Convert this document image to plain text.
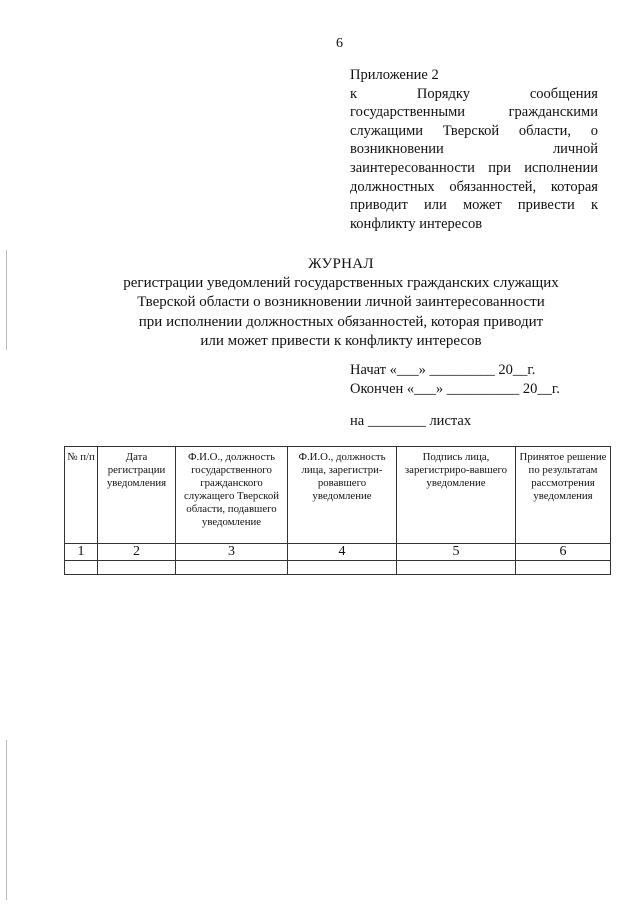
6
Приложение 2
к	Порядку	сообщения
государственными	гражданскими
служащими Тверской области, о
возникновении	личной
заинтересованности при исполнении
должностных обязанностей, которая
приводит или может привести к
конфликту интересов
ЖУРНАЛ
регистрации уведомлений государственных гражданских служащих
Тверской области о возникновении личной заинтересованности
при исполнении должностных обязанностей, которая приводит
или может привести к конфликту интересов
Начат «___» _________ 20__г.
Окончен «___» __________ 20__г.
на ________ листах
№ п/п	Дата регистрации уведомления	Ф.И.О., должность государственного гражданского служащего Тверской области, подавшего уведомление	Ф.И.О., должность лица, зарегистри-ровавшего уведомление	Подпись лица, зарегистриро-вавшего уведомление	Принятое решение по результатам рассмотрения уведомления
1	2	3	4	5	6
